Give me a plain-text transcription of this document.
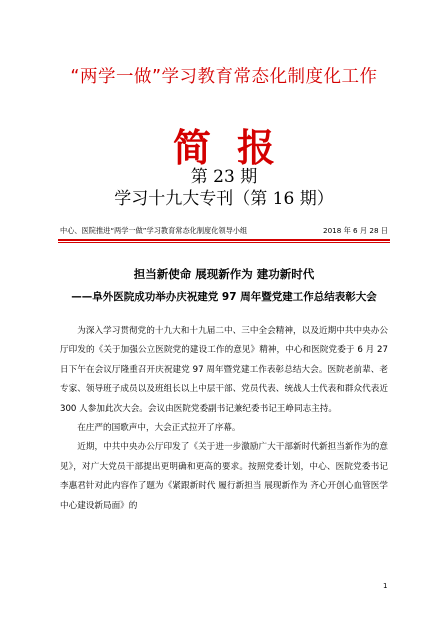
“两学一做”学习教育常态化制度化工作
简报
第 23 期
学习十九大专刊（第 16 期）
中心、医院推进“两学一做”学习教育常态化制度化领导小组	2018 年 6 月 28 日
担当新使命 展现新作为 建功新时代
——阜外医院成功举办庆祝建党 97 周年暨党建工作总结表彰大会

为深入学习贯彻党的十九大和十九届二中、三中全会精神，以及近期中共中央办公厅印发的《关于加强公立医院党的建设工作的意见》精神，中心和医院党委于 6 月 27 日下午在会议厅隆重召开庆祝建党 97 周年暨党建工作表彰总结大会。医院老前辈、老专家、领导班子成员以及班组长以上中层干部、党员代表、统战人士代表和群众代表近 300 人参加此次大会。会议由医院党委副书记兼纪委书记王峥同志主持。

在庄严的国歌声中，大会正式拉开了序幕。

近期，中共中央办公厅印发了《关于进一步激励广大干部新时代新担当新作为的意见》，对广大党员干部提出更明确和更高的要求。按照党委计划，中心、医院党委书记李惠君针对此内容作了题为《紧跟新时代 履行新担当 展现新作为 齐心开创心血管医学中心建设新局面》的

1
